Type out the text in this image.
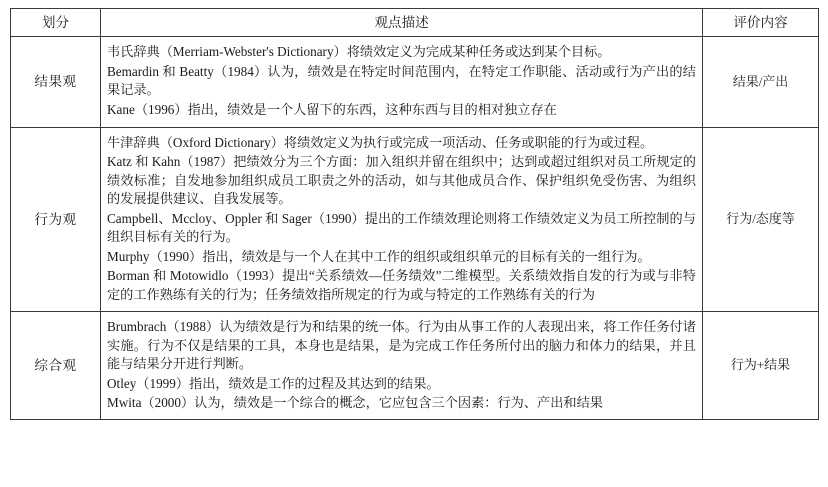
划分	观点描述	评价内容
结果观	韦氏辞典（Merriam-Webster's Dictionary）将绩效定义为完成某种任务或达到某个目标。

Bemardin 和 Beatty（1984）认为，绩效是在特定时间范围内，在特定工作职能、活动或行为产出的结果记录。

Kane（1996）指出，绩效是一个人留下的东西，这种东西与目的相对独立存在	结果/产出
行为观	牛津辞典（Oxford Dictionary）将绩效定义为执行或完成一项活动、任务或职能的行为或过程。

Katz 和 Kahn（1987）把绩效分为三个方面：加入组织并留在组织中；达到或超过组织对员工所规定的绩效标准；自发地参加组织成员工职责之外的活动，如与其他成员合作、保护组织免受伤害、为组织的发展提供建议、自我发展等。

Campbell、Mccloy、Oppler 和 Sager（1990）提出的工作绩效理论则将工作绩效定义为员工所控制的与组织目标有关的行为。

Murphy（1990）指出，绩效是与一个人在其中工作的组织或组织单元的目标有关的一组行为。

Borman 和 Motowidlo（1993）提出“关系绩效—任务绩效”二维模型。关系绩效指自发的行为或与非特定的工作熟练有关的行为；任务绩效指所规定的行为或与特定的工作熟练有关的行为	行为/态度等
综合观	Brumbrach（1988）认为绩效是行为和结果的统一体。行为由从事工作的人表现出来，将工作任务付诸实施。行为不仅是结果的工具，本身也是结果，是为完成工作任务所付出的脑力和体力的结果，并且能与结果分开进行判断。

Otley（1999）指出，绩效是工作的过程及其达到的结果。

Mwita（2000）认为，绩效是一个综合的概念，它应包含三个因素：行为、产出和结果	行为+结果
